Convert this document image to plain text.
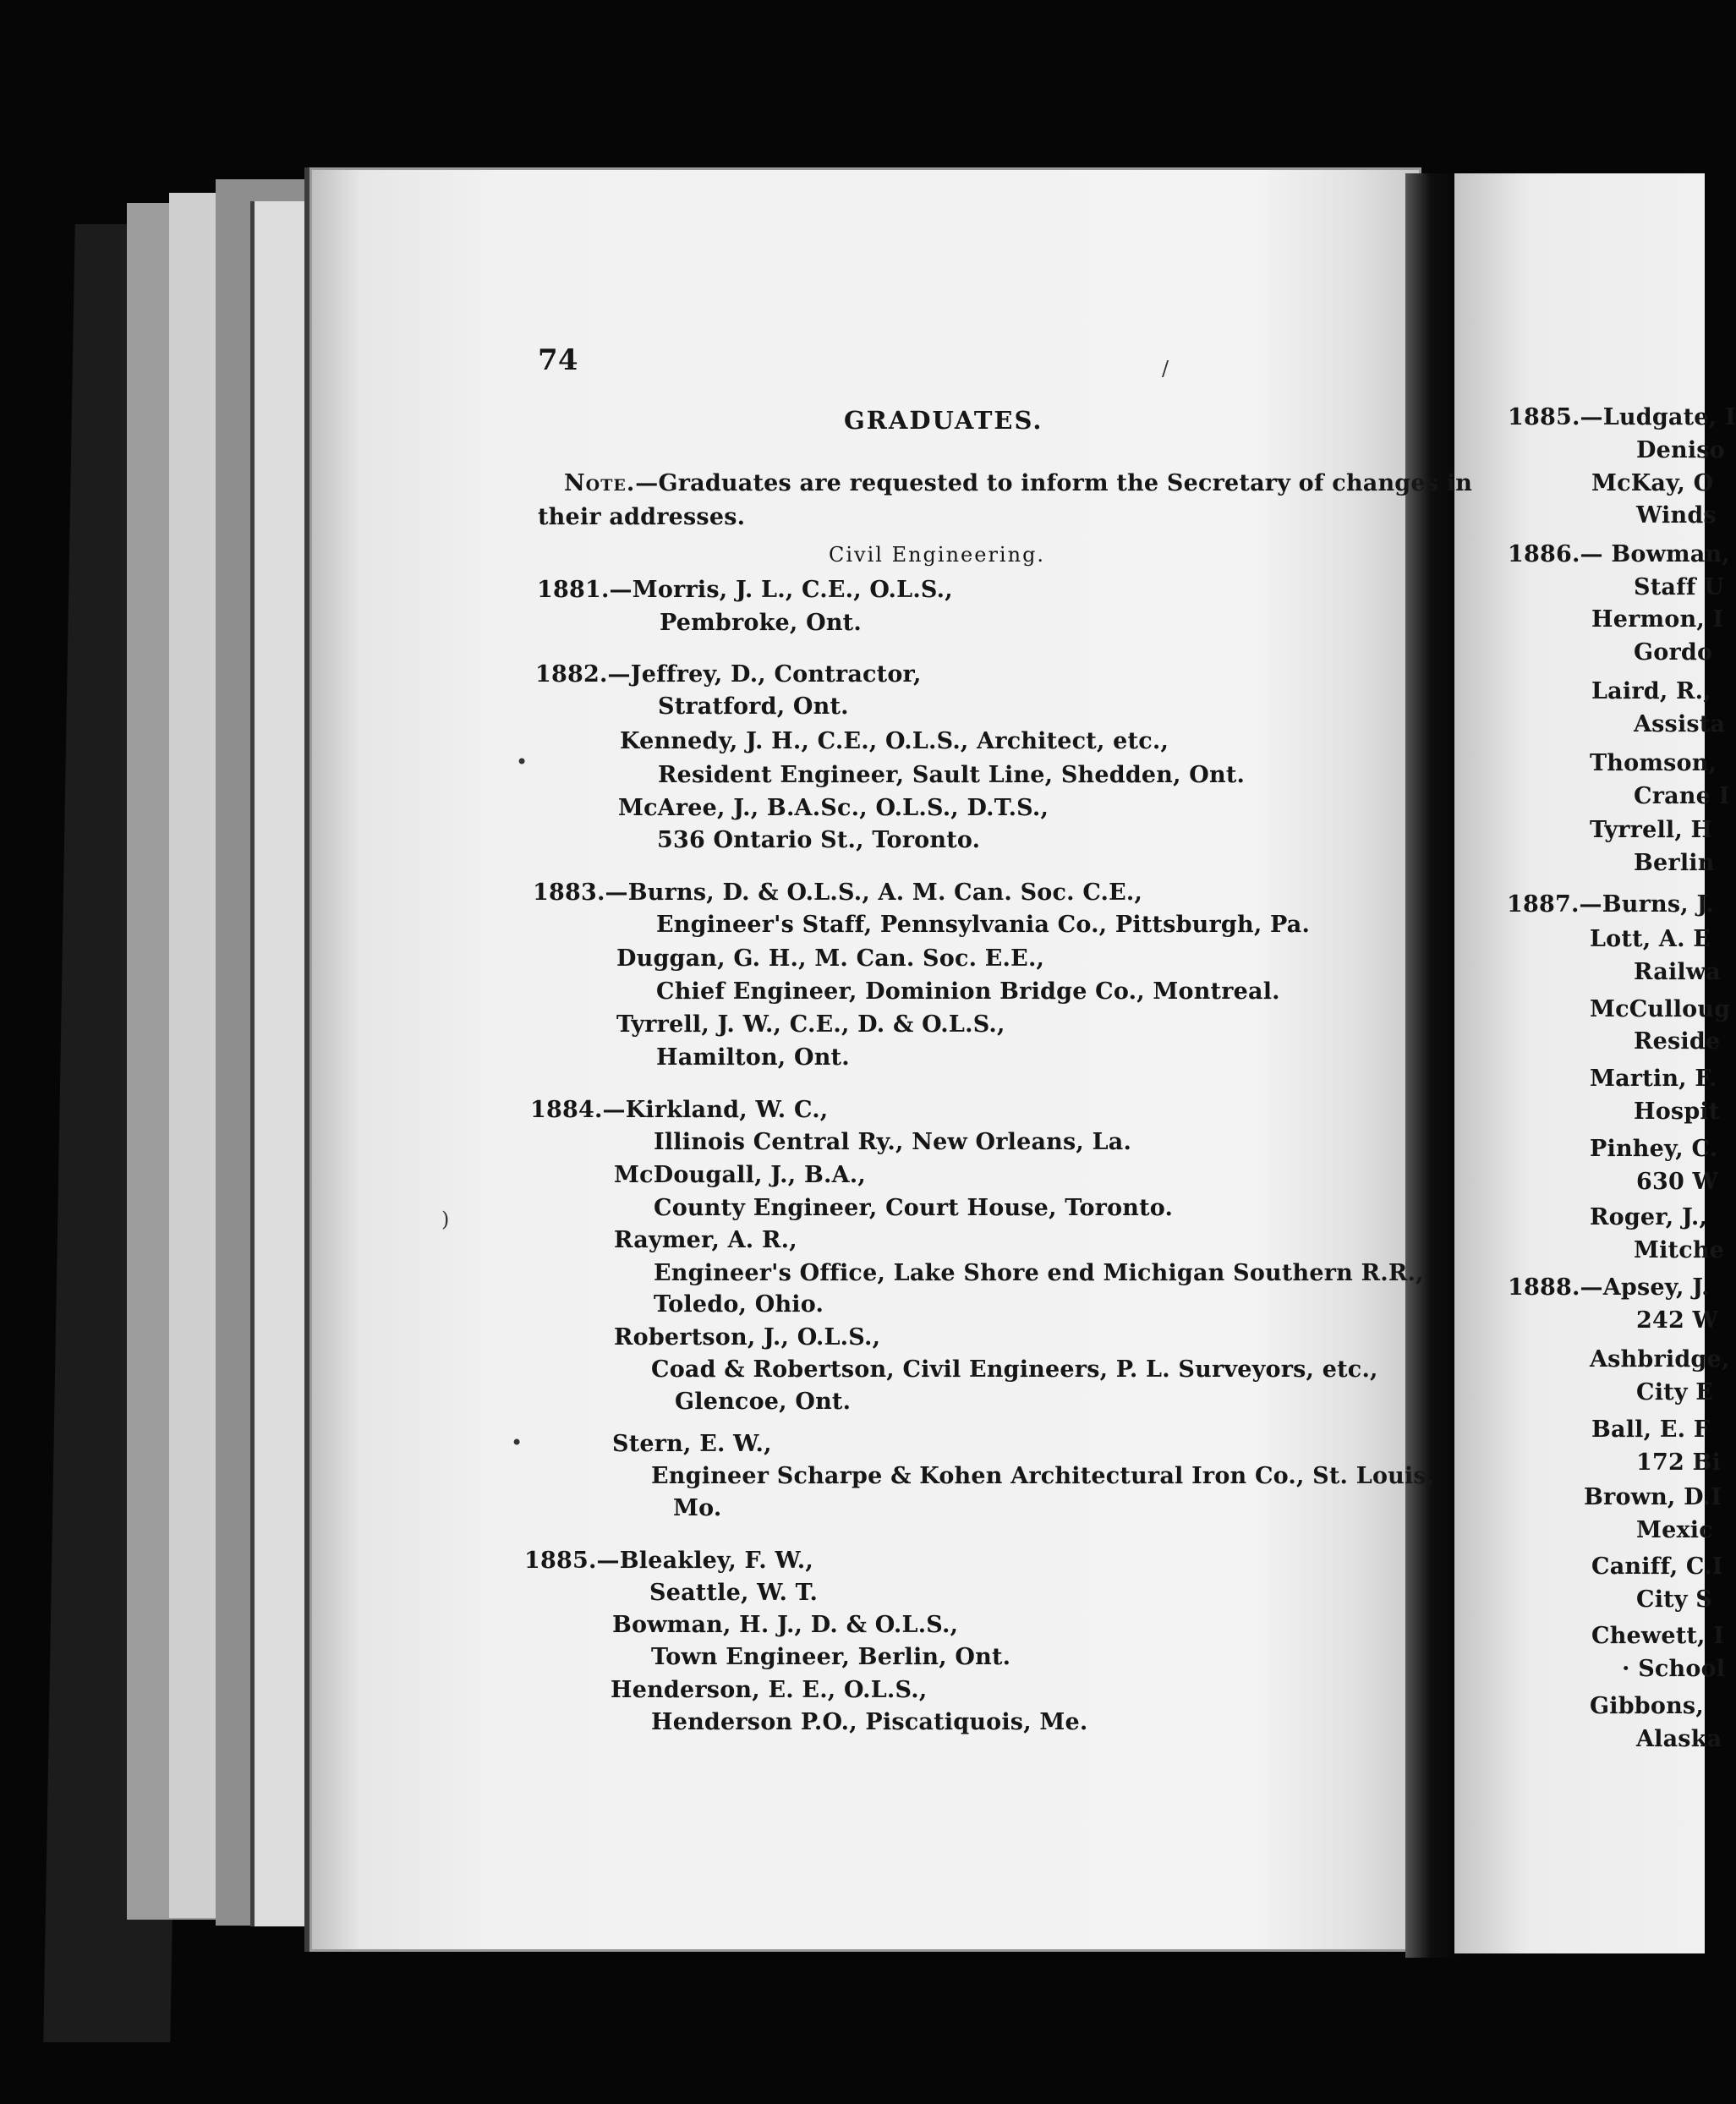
74
GRADUATES.
Note.—Graduates are requested to inform the Secretary of changes in
their addresses.
Civil Engineering.
1881.—Morris, J. L., C.E., O.L.S.,
Pembroke, Ont.
1882.—Jeffrey, D., Contractor,
Stratford, Ont.
Kennedy, J. H., C.E., O.L.S., Architect, etc.,
Resident Engineer, Sault Line, Shedden, Ont.
McAree, J., B.A.Sc., O.L.S., D.T.S.,
536 Ontario St., Toronto.
1883.—Burns, D. & O.L.S., A. M. Can. Soc. C.E.,
Engineer's Staff, Pennsylvania Co., Pittsburgh, Pa.
Duggan, G. H., M. Can. Soc. E.E.,
Chief Engineer, Dominion Bridge Co., Montreal.
Tyrrell, J. W., C.E., D. & O.L.S.,
Hamilton, Ont.
1884.—Kirkland, W. C.,
Illinois Central Ry., New Orleans, La.
McDougall, J., B.A.,
County Engineer, Court House, Toronto.
Raymer, A. R.,
Engineer's Office, Lake Shore end Michigan Southern R.R.,
Toledo, Ohio.
Robertson, J., O.L.S.,
Coad & Robertson, Civil Engineers, P. L. Surveyors, etc.,
Glencoe, Ont.
Stern, E. W.,
Engineer Scharpe & Kohen Architectural Iron Co., St. Louis,
Mo.
1885.—Bleakley, F. W.,
Seattle, W. T.
Bowman, H. J., D. & O.L.S.,
Town Engineer, Berlin, Ont.
Henderson, E. E., O.L.S.,
Henderson P.O., Piscatiquois, Me.
/
•
•
)
1885.—Ludgate, I
Deniso
McKay, O
Winds
1886.— Bowman,
Staff U
Hermon, I
Gordo
Laird, R.,
Assista
Thomson,
Crane I
Tyrrell, H
Berlin
1887.—Burns, J.
Lott, A. E
Railwa
McCulloug
Reside
Martin, F.
Hospit
Pinhey, C.
630 W
Roger, J.,
Mitche
1888.—Apsey, J.
242 W
Ashbridge,
City E
Ball, E. F
172 Bi
Brown, D.I
Mexic
Caniff, C.I
City S
Chewett, I
· School
Gibbons,
Alaska
